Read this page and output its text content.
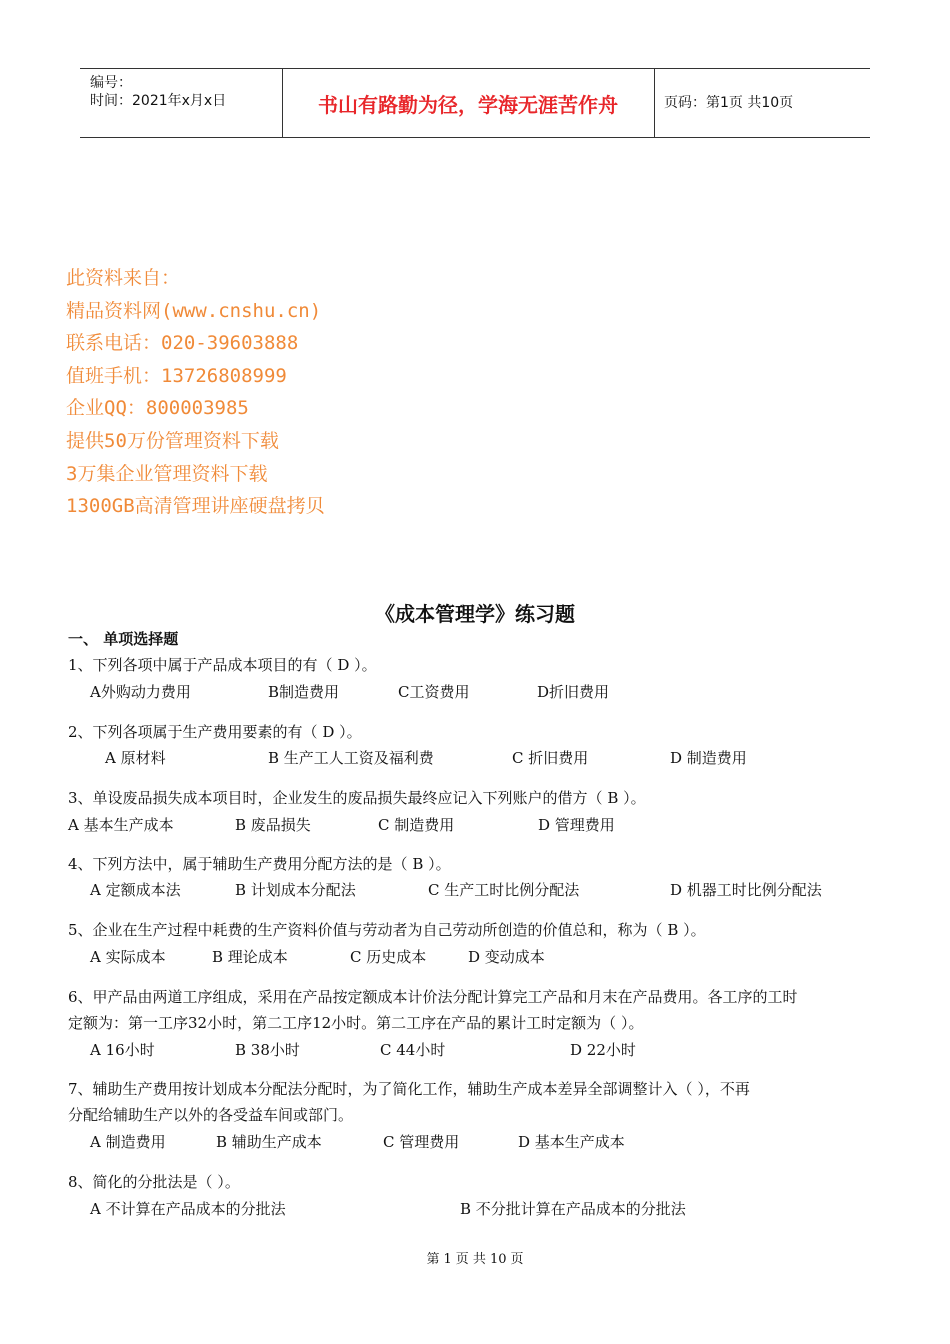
编号：
时间：2021年x月x日	书山有路勤为径，学海无涯苦作舟	页码：第1页 共10页
此资料来自：
精品资料网(www.cnshu.cn)
联系电话：020-39603888
值班手机：13726808999
企业QQ：800003985
提供50万份管理资料下载
3万集企业管理资料下载
1300GB高清管理讲座硬盘拷贝
《成本管理学》练习题
一、 单项选择题
1、下列各项中属于产品成本项目的有（ D ）。
A外购动力费用	B制造费用	C工资费用	D折旧费用
2、下列各项属于生产费用要素的有（ D ）。
A 原材料	B 生产工人工资及福利费	C 折旧费用	D 制造费用
3、单设废品损失成本项目时，企业发生的废品损失最终应记入下列账户的借方（ B ）。
A 基本生产成本	B 废品损失	C 制造费用	D 管理费用
4、下列方法中，属于辅助生产费用分配方法的是（ B ）。
A 定额成本法	B 计划成本分配法	C 生产工时比例分配法	D 机器工时比例分配法
5、企业在生产过程中耗费的生产资料价值与劳动者为自己劳动所创造的价值总和，称为（ B ）。
A 实际成本	B 理论成本	C 历史成本	D 变动成本
6、甲产品由两道工序组成，采用在产品按定额成本计价法分配计算完工产品和月末在产品费用。各工序的工时
定额为：第一工序32小时，第二工序12小时。第二工序在产品的累计工时定额为（ ）。
A 16小时	B 38小时	C 44小时	D 22小时
7、辅助生产费用按计划成本分配法分配时，为了简化工作，辅助生产成本差异全部调整计入（ ），不再
分配给辅助生产以外的各受益车间或部门。
A 制造费用	B 辅助生产成本	C 管理费用	D 基本生产成本
8、简化的分批法是（ ）。
A 不计算在产品成本的分批法	B 不分批计算在产品成本的分批法
第 1 页 共 10 页
